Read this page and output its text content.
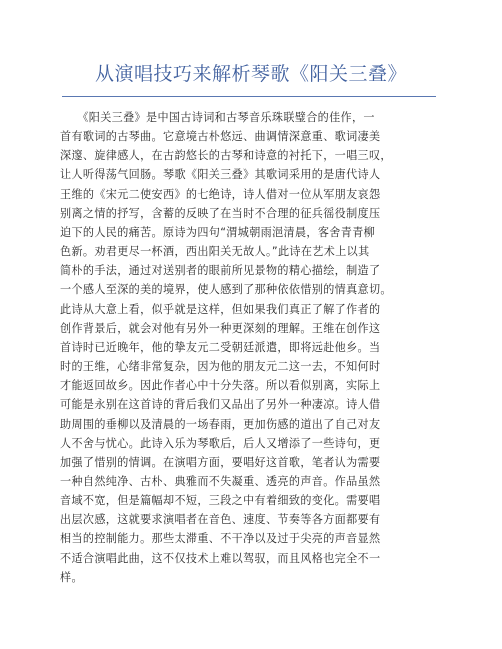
从演唱技巧来解析琴歌《阳关三叠》
　　《阳关三叠》是中国古诗词和古琴音乐珠联璧合的佳作，一
首有歌词的古琴曲。它意境古朴悠远、曲调情深意重、歌词凄美
深邃、旋律感人，在古韵悠长的古琴和诗意的衬托下，一唱三叹，
让人听得荡气回肠。琴歌《阳关三叠》其歌词采用的是唐代诗人
王维的《宋元二使安西》的七绝诗，诗人借对一位从军朋友哀怨
别离之情的抒写，含蓄的反映了在当时不合理的征兵徭役制度压
迫下的人民的痛苦。原诗为四句“渭城朝雨浥清晨，客舍青青柳
色新。劝君更尽一杯酒，西出阳关无故人。”此诗在艺术上以其
简朴的手法，通过对送别者的眼前所见景物的精心描绘，制造了
一个感人至深的美的境界，使人感到了那种依依惜别的情真意切。
此诗从大意上看，似乎就是这样，但如果我们真正了解了作者的
创作背景后，就会对他有另外一种更深刻的理解。王维在创作这
首诗时已近晚年，他的挚友元二受朝廷派遣，即将远赴他乡。当
时的王维，心绪非常复杂，因为他的朋友元二这一去，不知何时
才能返回故乡。因此作者心中十分失落。所以看似别离，实际上
可能是永别在这首诗的背后我们又品出了另外一种凄凉。诗人借
助周围的垂柳以及清晨的一场春雨，更加伤感的道出了自己对友
人不舍与忧心。此诗入乐为琴歌后，后人又增添了一些诗句，更
加强了惜别的情调。在演唱方面，要唱好这首歌，笔者认为需要
一种自然纯净、古朴、典雅而不失凝重、透亮的声音。作品虽然
音域不宽，但是篇幅却不短，三段之中有着细致的变化。需要唱
出层次感，这就要求演唱者在音色、速度、节奏等各方面都要有
相当的控制能力。那些太滞重、不干净以及过于尖亮的声音显然
不适合演唱此曲，这不仅技术上难以驾驭，而且风格也完全不一
样。
